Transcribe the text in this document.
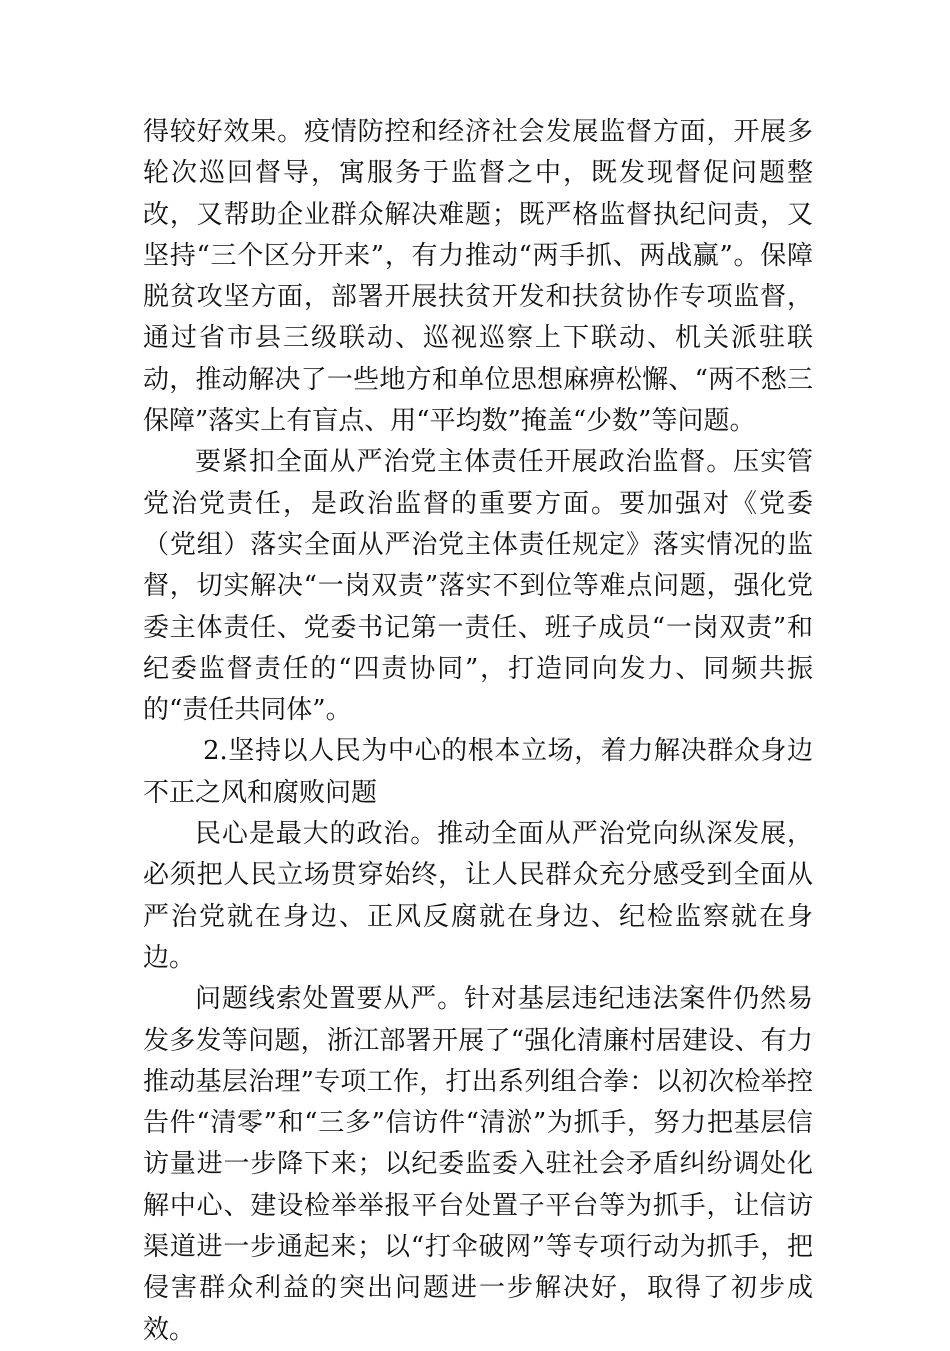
得较好效果。疫情防控和经济社会发展监督方面，开展多轮次巡回督导，寓服务于监督之中，既发现督促问题整改，又帮助企业群众解决难题；既严格监督执纪问责，又坚持“三个区分开来”，有力推动“两手抓、两战赢”。保障脱贫攻坚方面，部署开展扶贫开发和扶贫协作专项监督，通过省市县三级联动、巡视巡察上下联动、机关派驻联动，推动解决了一些地方和单位思想麻痹松懈、“两不愁三保障”落实上有盲点、用“平均数”掩盖“少数”等问题。

要紧扣全面从严治党主体责任开展政治监督。压实管党治党责任，是政治监督的重要方面。要加强对《党委（党组）落实全面从严治党主体责任规定》落实情况的监督，切实解决“一岗双责”落实不到位等难点问题，强化党委主体责任、党委书记第一责任、班子成员“一岗双责”和纪委监督责任的“四责协同”，打造同向发力、同频共振的“责任共同体”。

2.坚持以人民为中心的根本立场，着力解决群众身边不正之风和腐败问题

民心是最大的政治。推动全面从严治党向纵深发展，必须把人民立场贯穿始终，让人民群众充分感受到全面从严治党就在身边、正风反腐就在身边、纪检监察就在身边。

问题线索处置要从严。针对基层违纪违法案件仍然易发多发等问题，浙江部署开展了“强化清廉村居建设、有力推动基层治理”专项工作，打出系列组合拳：以初次检举控告件“清零”和“三多”信访件“清淤”为抓手，努力把基层信访量进一步降下来；以纪委监委入驻社会矛盾纠纷调处化解中心、建设检举举报平台处置子平台等为抓手，让信访渠道进一步通起来；以“打伞破网”等专项行动为抓手，把侵害群众利益的突出问题进一步解决好，取得了初步成效。
